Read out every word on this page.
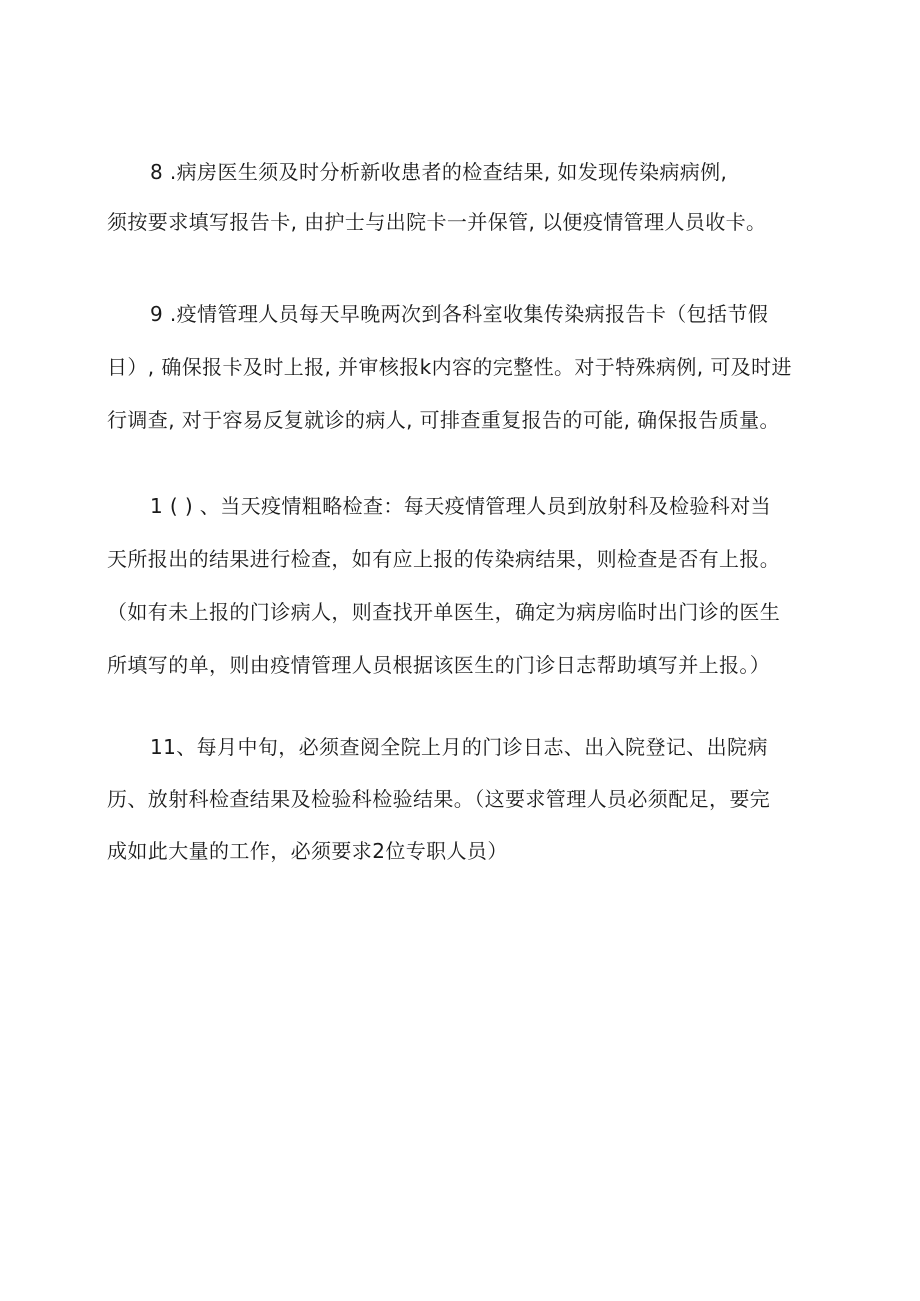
8 .病房医生须及时分析新收患者的检查结果, 如发现传染病病例,
须按要求填写报告卡, 由护士与出院卡一并保管, 以便疫情管理人员收卡。
9 .疫情管理人员每天早晚两次到各科室收集传染病报告卡（包括节假
日）, 确保报卡及时上报, 并审核报k内容的完整性。对于特殊病例, 可及时进
行调查, 对于容易反复就诊的病人, 可排查重复报告的可能, 确保报告质量。
1 ( ) 、当天疫情粗略检查：每天疫情管理人员到放射科及检验科对当
天所报出的结果进行检查，如有应上报的传染病结果，则检查是否有上报。
（如有未上报的门诊病人，则查找开单医生，确定为病房临时出门诊的医生
所填写的单，则由疫情管理人员根据该医生的门诊日志帮助填写并上报。）
11、每月中旬，必须查阅全院上月的门诊日志、出入院登记、出院病
历、放射科检查结果及检验科检验结果。（这要求管理人员必须配足，要完
成如此大量的工作，必须要求2位专职人员）
